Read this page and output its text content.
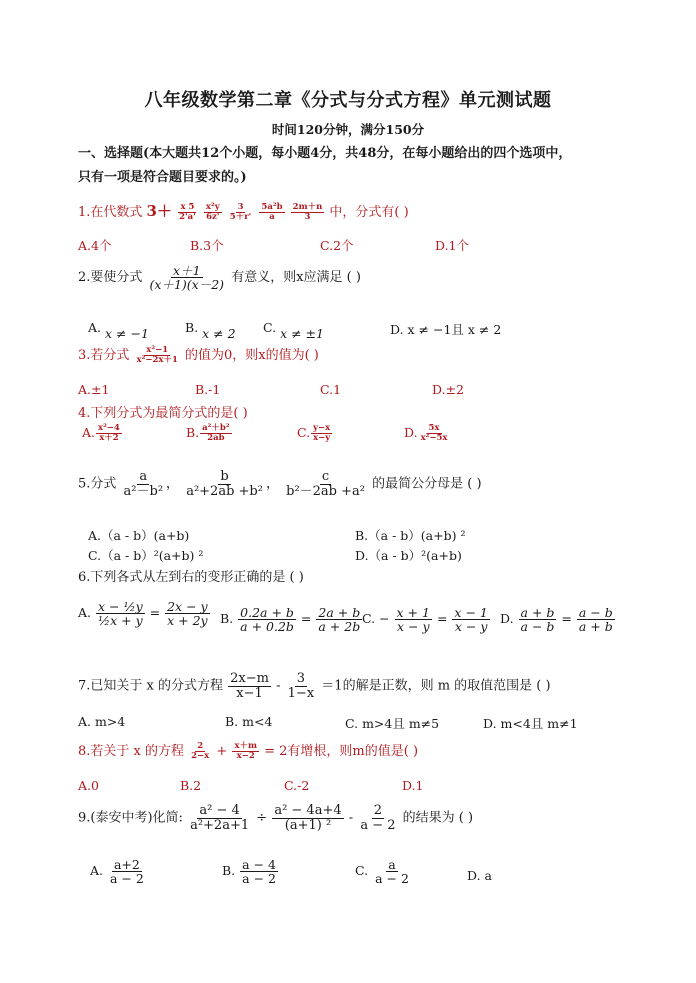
八年级数学第二章《分式与分式方程》单元测试题
时间120分钟，满分150分
一、选择题(本大题共12个小题，每小题4分，共48分，在每小题给出的四个选项中，
只有一项是符合题目要求的。)
1.在代数式 $3+ \frac{x 5}{2'a'}$
$\frac{\text{x²y}}{6z'}$
$\frac{3}{5+r'}$
$\frac{\text{5a²b}}{a}$
$\frac{2m+n}{3}$ 中，分式有( )
A.4个	B.3个	C.2个	D.1个
2.要使分式 $\frac{x+1}{(x+1)(x-2)}$ 有意义，则x应满足 ( )
A. x ≠ −1	B. x ≠ 2 C. x ≠ ±1	D. x ≠ −1且 x ≠ 2
3.若分式 $\frac{\text{x²−1}}{\text{x²−2x＋1}}$ 的值为0，则x的值为( )
A.±1	B.-1	C.1	D.±2
4.下列分式为最简分式的是( )
A. $\frac{\text{x²−4}}{x+2}$	B. $\frac{\text{a²＋b²}}{2ab}$	C. $\frac{y-x}{x-y}$	D. $\frac{5x}{\text{x²−5x}}$
5.分式 $\frac{a}{\text{a²－b²}}$ ， $\frac{b}{\text{a²+2ab +b²}}$ ， $\frac{c}{\text{b²－2ab +a²}}$ 的最简公分母是 ( )
A.（a - b）(a+b)	B.（a - b）(a+b) ²
C.（a - b）²(a+b) ²	D.（a - b）²(a+b)
6.下列各式从左到右的变形正确的是 ( )
A. $\frac{\text{x − ½y}}{\text{½x + y}} = \frac{2x - y}{x + 2y} B$. $\frac{0.2a + b}{a + 0.2b} = \frac{2a + b}{a + 2b} C$. − $\frac{x + 1}{x - y} = \frac{x - 1}{x - y} D$. $\frac{a + b}{a - b} = \frac{a - b}{a + b}$
7.已知关于 x 的分式方程 $\frac{2x-m}{x-1} - \frac{3}{1-x} =1$的解是正数，则 m 的取值范围是 ( )
A. m>4	B. m<4	C. m>4且 m≠5	D. m<4且 m≠1
8.若关于 x 的方程 $\frac{2}{2-x} + \frac{x+m}{x-2} = 2$有增根，则m的值是( )
A.0	B.2	C.-2	D.1
9.(泰安中考)化简: $\frac{\text{a² − 4}}{\text{a²+2a+1}} \div \frac{\text{a² − 4a+4}}{\text{(a+1) ²}} - \frac{2}{a - 2}$ 的结果为 ( )
A. $\frac{a+2}{a - 2}$	B. $\frac{a - 4}{a - 2}$	C. $\frac{a}{a - 2}$	D. a
